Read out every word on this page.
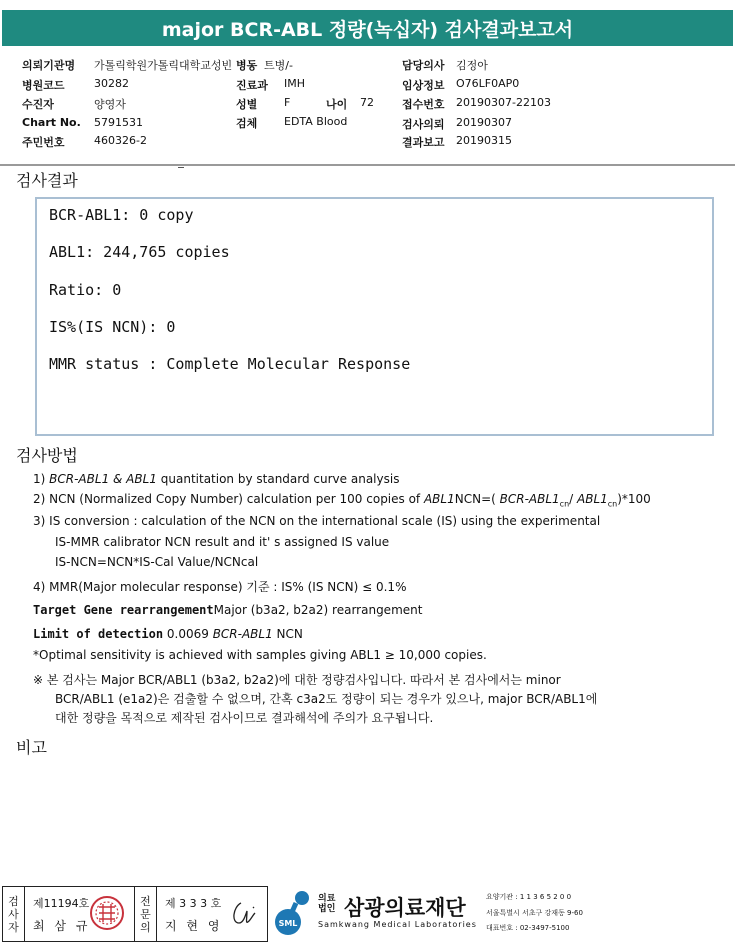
major BCR-ABL 정량(녹십자) 검사결과보고서
의뢰기관명 가톨릭학원가톨릭대학교성빈 병동 트병/-	담당의사 김정아
병원코드	30282	진료과 IMH	임상정보 O76LF0AP0
수진자	양영자	성별 F	나이 72	접수번호 20190307-22103
Chart No. 5791531	검체 EDTA Blood	검사의뢰 20190307
주민번호	460326-2	결과보고 20190315
검사결과
BCR-ABL1: 0 copy
ABL1: 244,765 copies
Ratio: 0
IS%(IS NCN): 0
MMR status : Complete Molecular Response
검사방법
1) BCR-ABL1 & ABL1 quantitation by standard curve analysis
2) NCN (Normalized Copy Number) calculation per 100 copies of ABL1NCN=( BCR-$ABL1_{cn}/$ $ABL1_{cn})*100$
3) IS conversion : calculation of the NCN on the international scale (IS) using the experimental
IS-MMR calibrator NCN result and it' s assigned IS value
IS-NCN=NCN*IS-Cal Value/NCNcal
4) MMR(Major molecular response) 기준 : IS% (IS NCN) ≤ 0.1%
Target Gene rearrangementMajor (b3a2, b2a2) rearrangement
Limit of detection 0.0069 BCR-ABL1 NCN
*Optimal sensitivity is achieved with samples giving ABL1 ≥ 10,000 copies.
※ 본 검사는 Major BCR/ABL1 (b3a2, b2a2)에 대한 정량검사입니다. 따라서 본 검사에서는 minor
BCR/ABL1 (e1a2)은 검출할 수 없으며, 간혹 c3a2도 정량이 되는 경우가 있으나, major BCR/ABL1에
대한 정량을 목적으로 제작된 검사이므로 결과해석에 주의가 요구됩니다.
비고
검
사
자
제11194호
최 삼 규
전
문
의
제 3 3 3 호
지 현 영	SML
의료
법인 삼광의료재단
Samkwang Medical Laboratories
요양기관 : 1 1 3 6 5 2 0 0
서울특별시 서초구 강재동 9-60
대표번호 : 02-3497-5100
